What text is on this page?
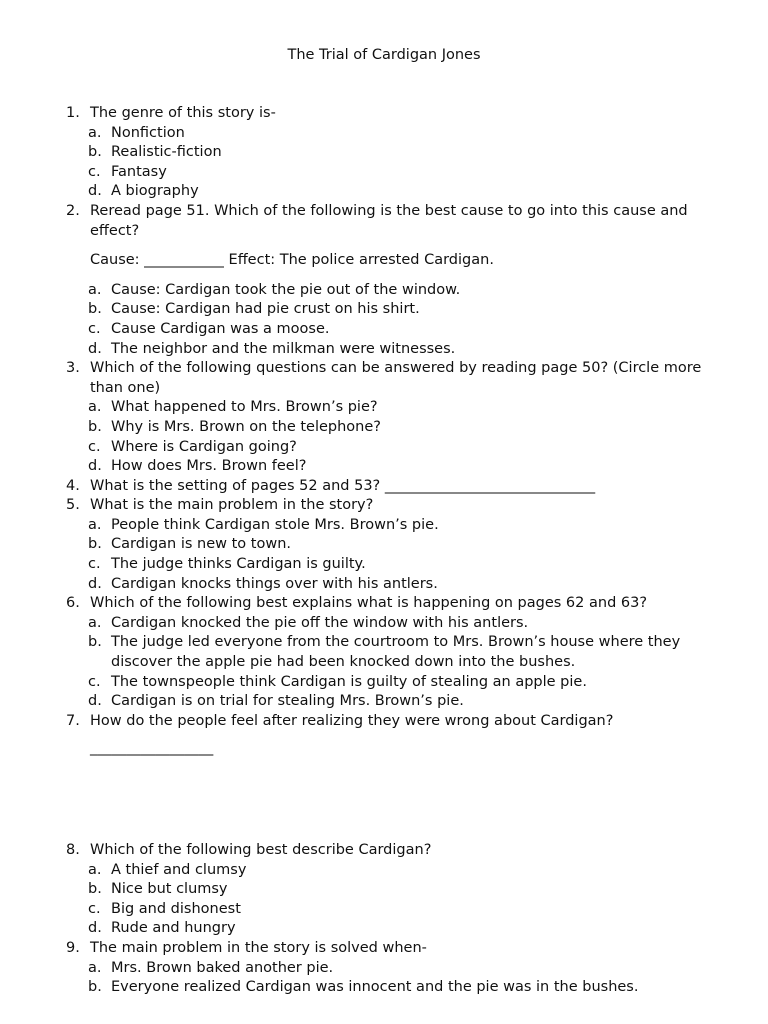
The Trial of Cardigan Jones
1. The genre of this story is-
a. Nonfiction
b. Realistic-fiction
c. Fantasy
d. A biography
2. Reread page 51. Which of the following is the best cause to go into this cause and effect?
Cause: ___________ Effect: The police arrested Cardigan.
a. Cause: Cardigan took the pie out of the window.
b. Cause: Cardigan had pie crust on his shirt.
c. Cause Cardigan was a moose.
d. The neighbor and the milkman were witnesses.
3. Which of the following questions can be answered by reading page 50? (Circle more than one)
a. What happened to Mrs. Brown’s pie?
b. Why is Mrs. Brown on the telephone?
c. Where is Cardigan going?
d. How does Mrs. Brown feel?
4. What is the setting of pages 52 and 53? _____________________________
5. What is the main problem in the story?
a. People think Cardigan stole Mrs. Brown’s pie.
b. Cardigan is new to town.
c. The judge thinks Cardigan is guilty.
d. Cardigan knocks things over with his antlers.
6. Which of the following best explains what is happening on pages 62 and 63?
a. Cardigan knocked the pie off the window with his antlers.
b. The judge led everyone from the courtroom to Mrs. Brown’s house where they discover the apple pie had been knocked down into the bushes.
c. The townspeople think Cardigan is guilty of stealing an apple pie.
d. Cardigan is on trial for stealing Mrs. Brown’s pie.
7. How do the people feel after realizing they were wrong about Cardigan?
_________________
8. Which of the following best describe Cardigan?
a. A thief and clumsy
b. Nice but clumsy
c. Big and dishonest
d. Rude and hungry
9. The main problem in the story is solved when-
a. Mrs. Brown baked another pie.
b. Everyone realized Cardigan was innocent and the pie was in the bushes.
